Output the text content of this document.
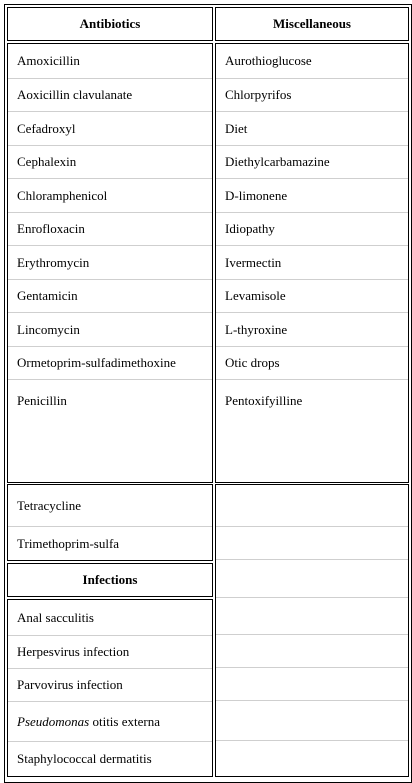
Antibiotics
Amoxicillin
Aoxicillin clavulanate
Cefadroxyl
Cephalexin
Chloramphenicol
Enrofloxacin
Erythromycin
Gentamicin
Lincomycin
Ormetoprim-sulfadimethoxine
Penicillin
Tetracycline
Trimethoprim-sulfa
Infections
Anal sacculitis
Herpesvirus infection
Parvovirus infection
Pseudomonas otitis externa
Staphylococcal dermatitis
Miscellaneous
Aurothioglucose
Chlorpyrifos
Diet
Diethylcarbamazine
D-limonene
Idiopathy
Ivermectin
Levamisole
L-thyroxine
Otic drops
Pentoxifyilline
